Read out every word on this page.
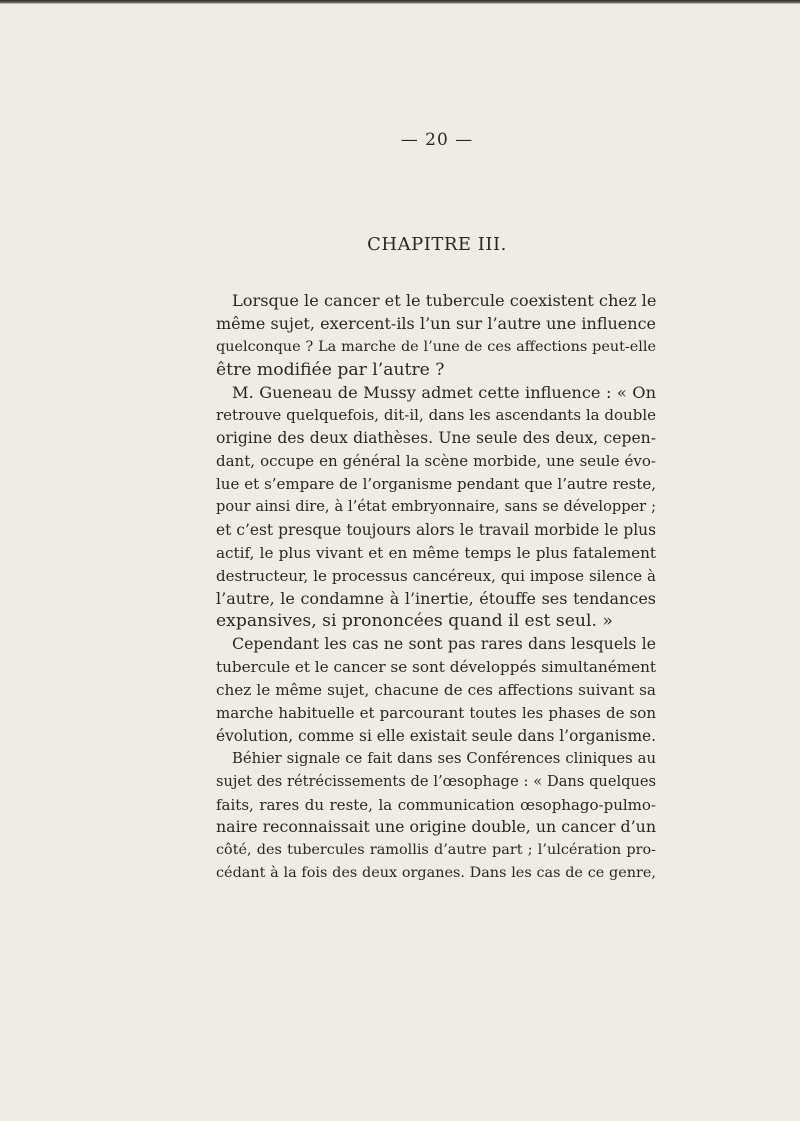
— 20 —
CHAPITRE III.
Lorsque le cancer et le tubercule coexistent chez le
même sujet, exercent-ils l’un sur l’autre une influence
quelconque ? La marche de l’une de ces affections peut-elle
être modifiée par l’autre ?
M. Gueneau de Mussy admet cette influence : « On
retrouve quelquefois, dit-il, dans les ascendants la double
origine des deux diathèses. Une seule des deux, cepen-
dant, occupe en général la scène morbide, une seule évo-
lue et s’empare de l’organisme pendant que l’autre reste,
pour ainsi dire, à l’état embryonnaire, sans se développer ;
et c’est presque toujours alors le travail morbide le plus
actif, le plus vivant et en même temps le plus fatalement
destructeur, le processus cancéreux, qui impose silence à
l’autre, le condamne à l’inertie, étouffe ses tendances
expansives, si prononcées quand il est seul. »
Cependant les cas ne sont pas rares dans lesquels le
tubercule et le cancer se sont développés simultanément
chez le même sujet, chacune de ces affections suivant sa
marche habituelle et parcourant toutes les phases de son
évolution, comme si elle existait seule dans l’organisme.
Béhier signale ce fait dans ses Conférences cliniques au
sujet des rétrécissements de l’œsophage : « Dans quelques
faits, rares du reste, la communication œsophago-pulmo-
naire reconnaissait une origine double, un cancer d’un
côté, des tubercules ramollis d’autre part ; l’ulcération pro-
cédant à la fois des deux organes. Dans les cas de ce genre,
